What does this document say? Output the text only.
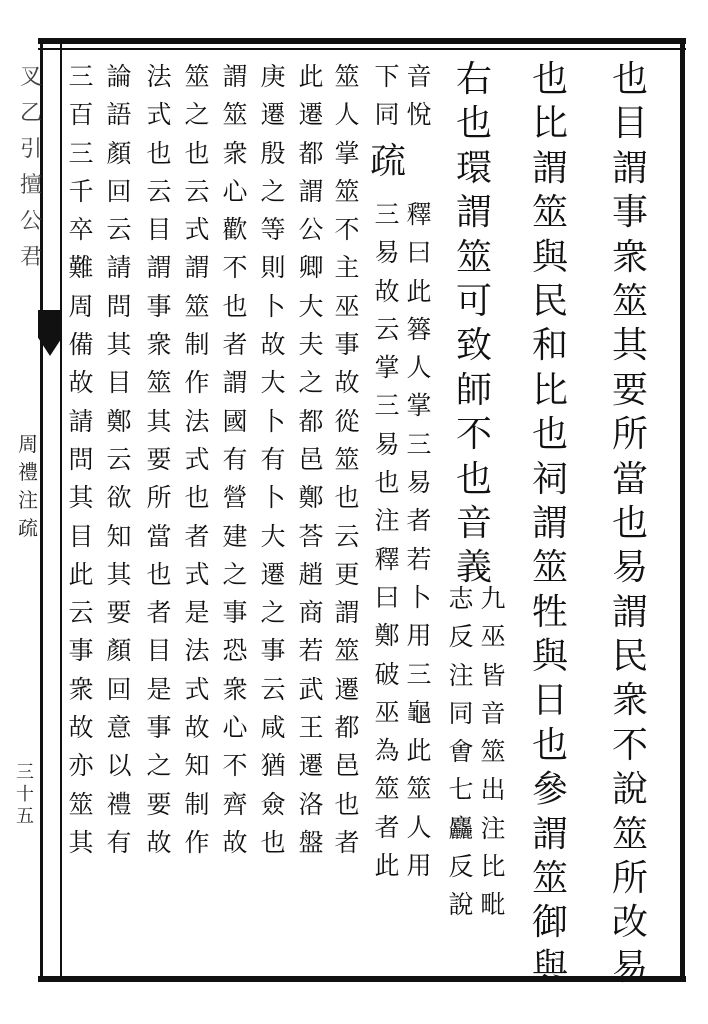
叉
乙
引
擅
公
君
周
禮
注
疏
三
十
五
也
目
謂
事
衆
筮
其
要
所
當
也
易
謂
民
衆
不
說
筮
所
改
易
也
比
謂
筮
與
民
和
比
也
祠
謂
筮
牲
與
日
也
參
謂
筮
御
與
右
也
環
謂
筮
可
致
師
不
也
音
義
九
巫
皆
音
筮
出
注
比
毗
志
反
注
同
㑹
七
麤
反
說
音
悅
下
同
疏
釋
曰
此
簭
人
掌
三
易
者
若
卜
用
三
龜
此
筮
人
用
三
易
故
云
掌
三
易
也
注
釋
曰
鄭
破
巫
為
筮
者
此
筮
人
掌
筮
不
主
巫
事
故
從
筮
也
云
更
謂
筮
遷
都
邑
也
者
此
遷
都
謂
公
卿
大
夫
之
都
邑
鄭
荅
趙
商
若
武
王
遷
洛
盤
庚
遷
殷
之
等
則
卜
故
大
卜
有
卜
大
遷
之
事
云
咸
猶
僉
也
謂
筮
衆
心
歡
不
也
者
謂
國
有
營
建
之
事
恐
衆
心
不
齊
故
筮
之
也
云
式
謂
筮
制
作
法
式
也
者
式
是
法
式
故
知
制
作
法
式
也
云
目
謂
事
衆
筮
其
要
所
當
也
者
目
是
事
之
要
故
論
語
顏
回
云
請
問
其
目
鄭
云
欲
知
其
要
顏
回
意
以
禮
有
三
百
三
千
卒
難
周
備
故
請
問
其
目
此
云
事
衆
故
亦
筮
其
